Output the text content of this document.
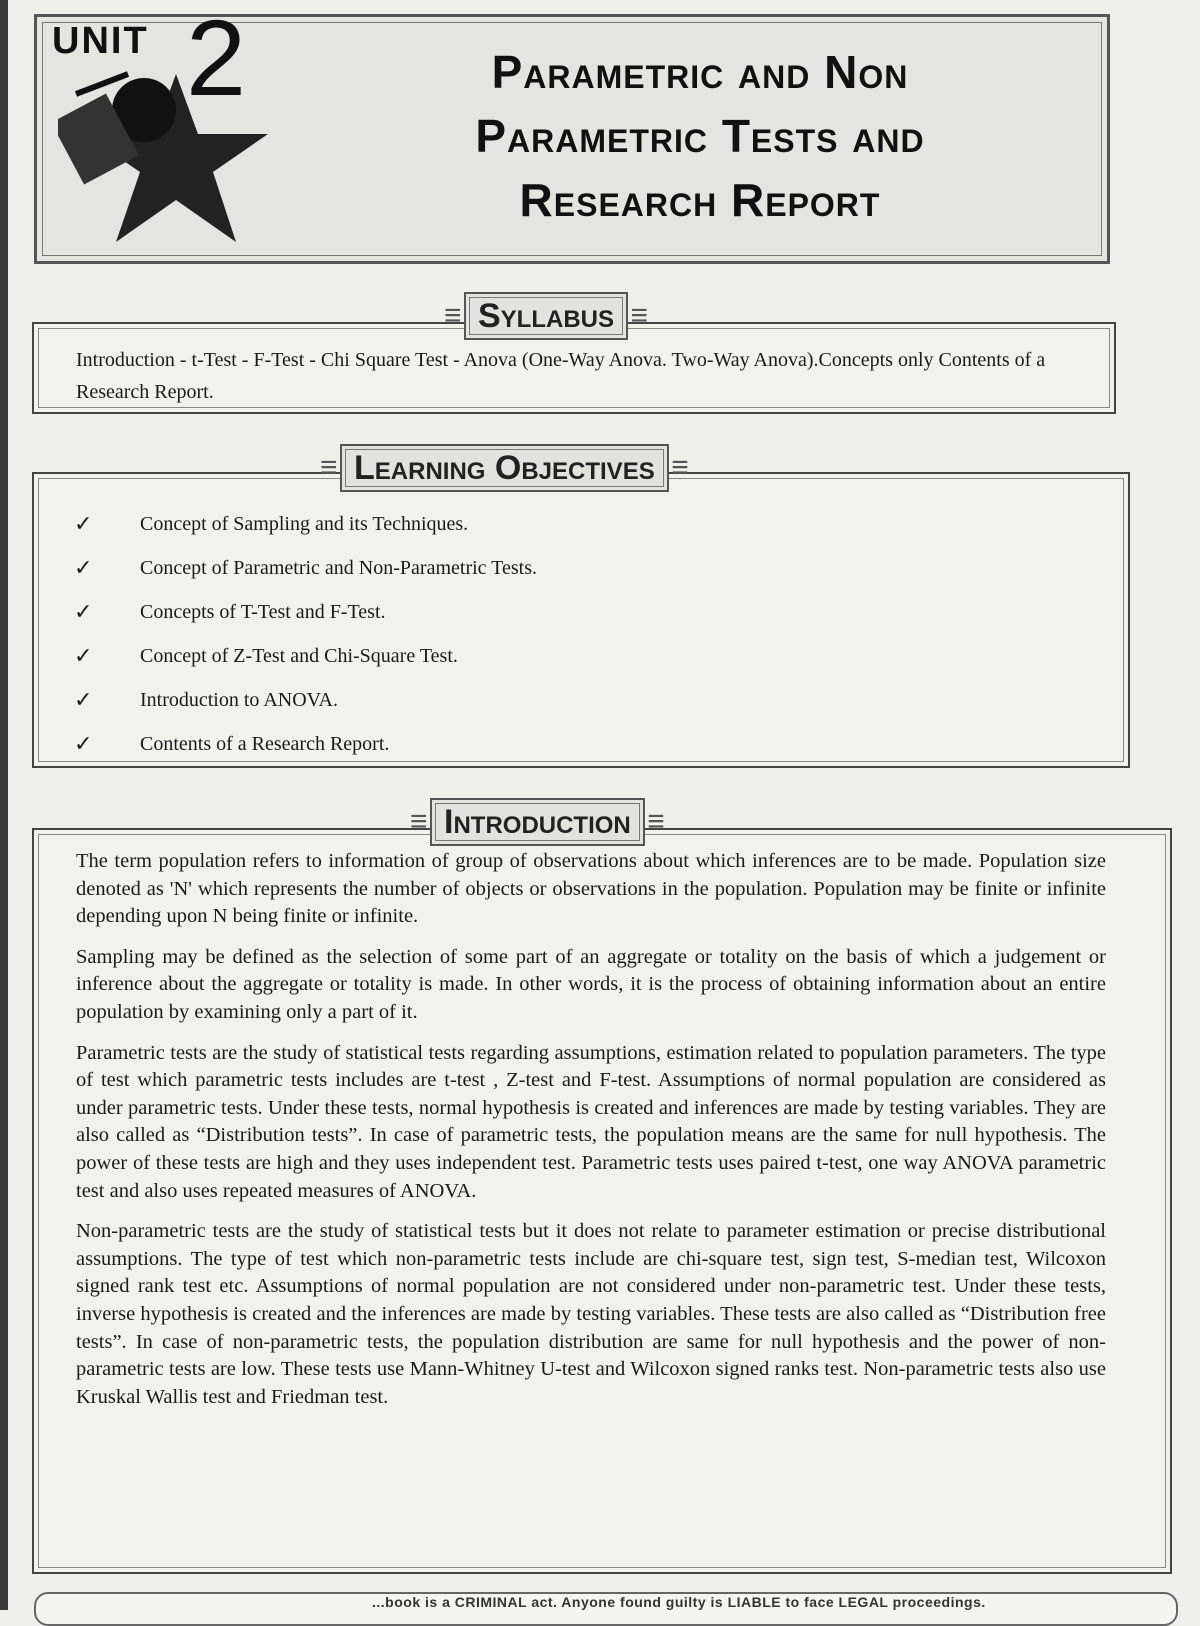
UNIT 2	Parametric and Non
Parametric Tests and
Research Report
≡ Syllabus ≡
Introduction - t-Test - F-Test - Chi Square Test - Anova (One-Way Anova. Two-Way Anova).Concepts only Contents of a Research Report.
≡ Learning Objectives ≡
✓	Concept of Sampling and its Techniques.
✓	Concept of Parametric and Non-Parametric Tests.
✓	Concepts of T-Test and F-Test.
✓	Concept of Z-Test and Chi-Square Test.
✓	Introduction to ANOVA.
✓	Contents of a Research Report.
≡ Introduction ≡

The term population refers to information of group of observations about which inferences are to be made. Population size denoted as 'N' which represents the number of objects or observations in the population. Population may be finite or infinite depending upon N being finite or infinite.

Sampling may be defined as the selection of some part of an aggregate or totality on the basis of which a judgement or inference about the aggregate or totality is made. In other words, it is the process of obtaining information about an entire population by examining only a part of it.

Parametric tests are the study of statistical tests regarding assumptions, estimation related to population parameters. The type of test which parametric tests includes are t-test , Z-test and F-test. Assumptions of normal population are considered as under parametric tests. Under these tests, normal hypothesis is created and inferences are made by testing variables. They are also called as “Distribution tests”. In case of parametric tests, the population means are the same for null hypothesis. The power of these tests are high and they uses independent test. Parametric tests uses paired t-test, one way ANOVA parametric test and also uses repeated measures of ANOVA.

Non-parametric tests are the study of statistical tests but it does not relate to parameter estimation or precise distributional assumptions. The type of test which non-parametric tests include are chi-square test, sign test, S-median test, Wilcoxon signed rank test etc. Assumptions of normal population are not considered under non-parametric test. Under these tests, inverse hypothesis is created and the inferences are made by testing variables. These tests are also called as “Distribution free tests”. In case of non-parametric tests, the population distribution are same for null hypothesis and the power of non-parametric tests are low. These tests use Mann-Whitney U-test and Wilcoxon signed ranks test. Non-parametric tests also use Kruskal Wallis test and Friedman test.

...book is a CRIMINAL act. Anyone found guilty is LIABLE to face LEGAL proceedings.
